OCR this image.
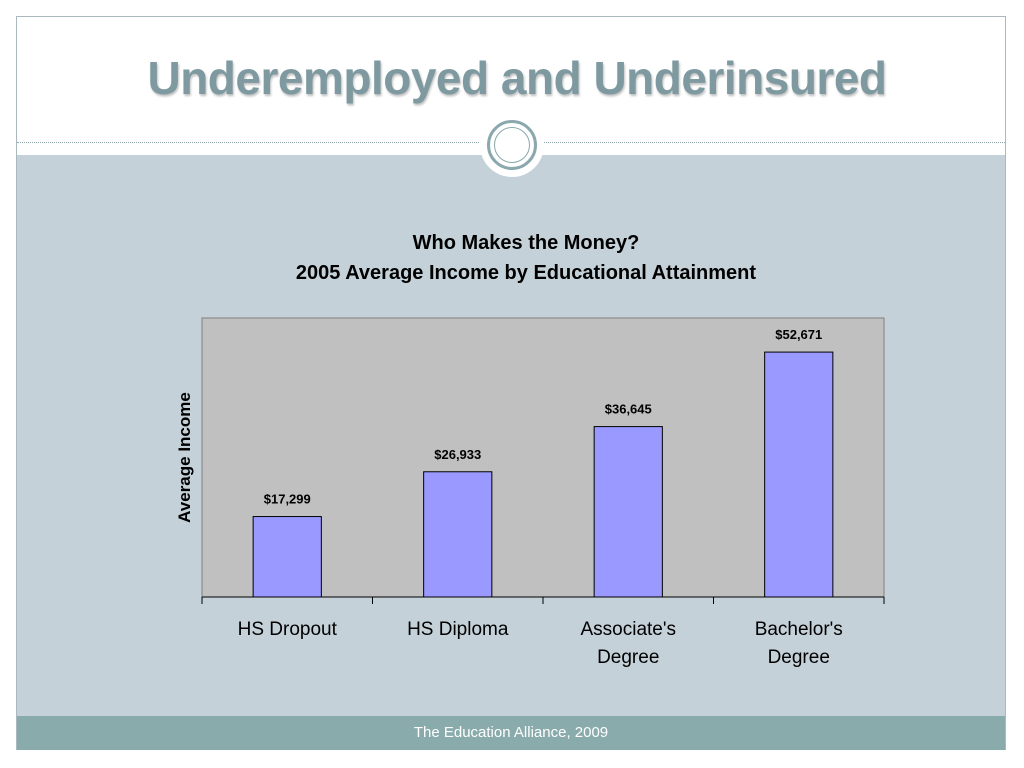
Underemployed and Underinsured
Who Makes the Money?
2005 Average Income by Educational Attainment
Average Income	$17,299
HS Dropout
$26,933
HS Diploma
$36,645
Associate's
Degree
$52,671
Bachelor's
Degree
The Education Alliance, 2009
